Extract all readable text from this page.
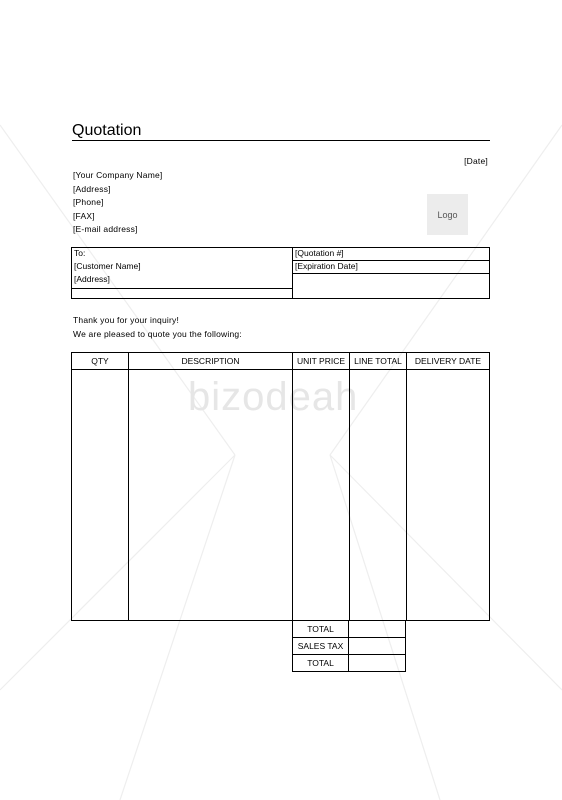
bizodeah
Quotation
[Date]
[Your Company Name]
[Address]
[Phone]
[FAX]
[E-mail address]
Logo
To:	[Quotation #]
[Customer Name]	[Expiration Date]
[Address]	

Thank you for your inquiry!
We are pleased to quote you the following:
QTY	DESCRIPTION	UNIT PRICE	LINE TOTAL	DELIVERY DATE

TOTAL	
SALES TAX	
TOTAL	
